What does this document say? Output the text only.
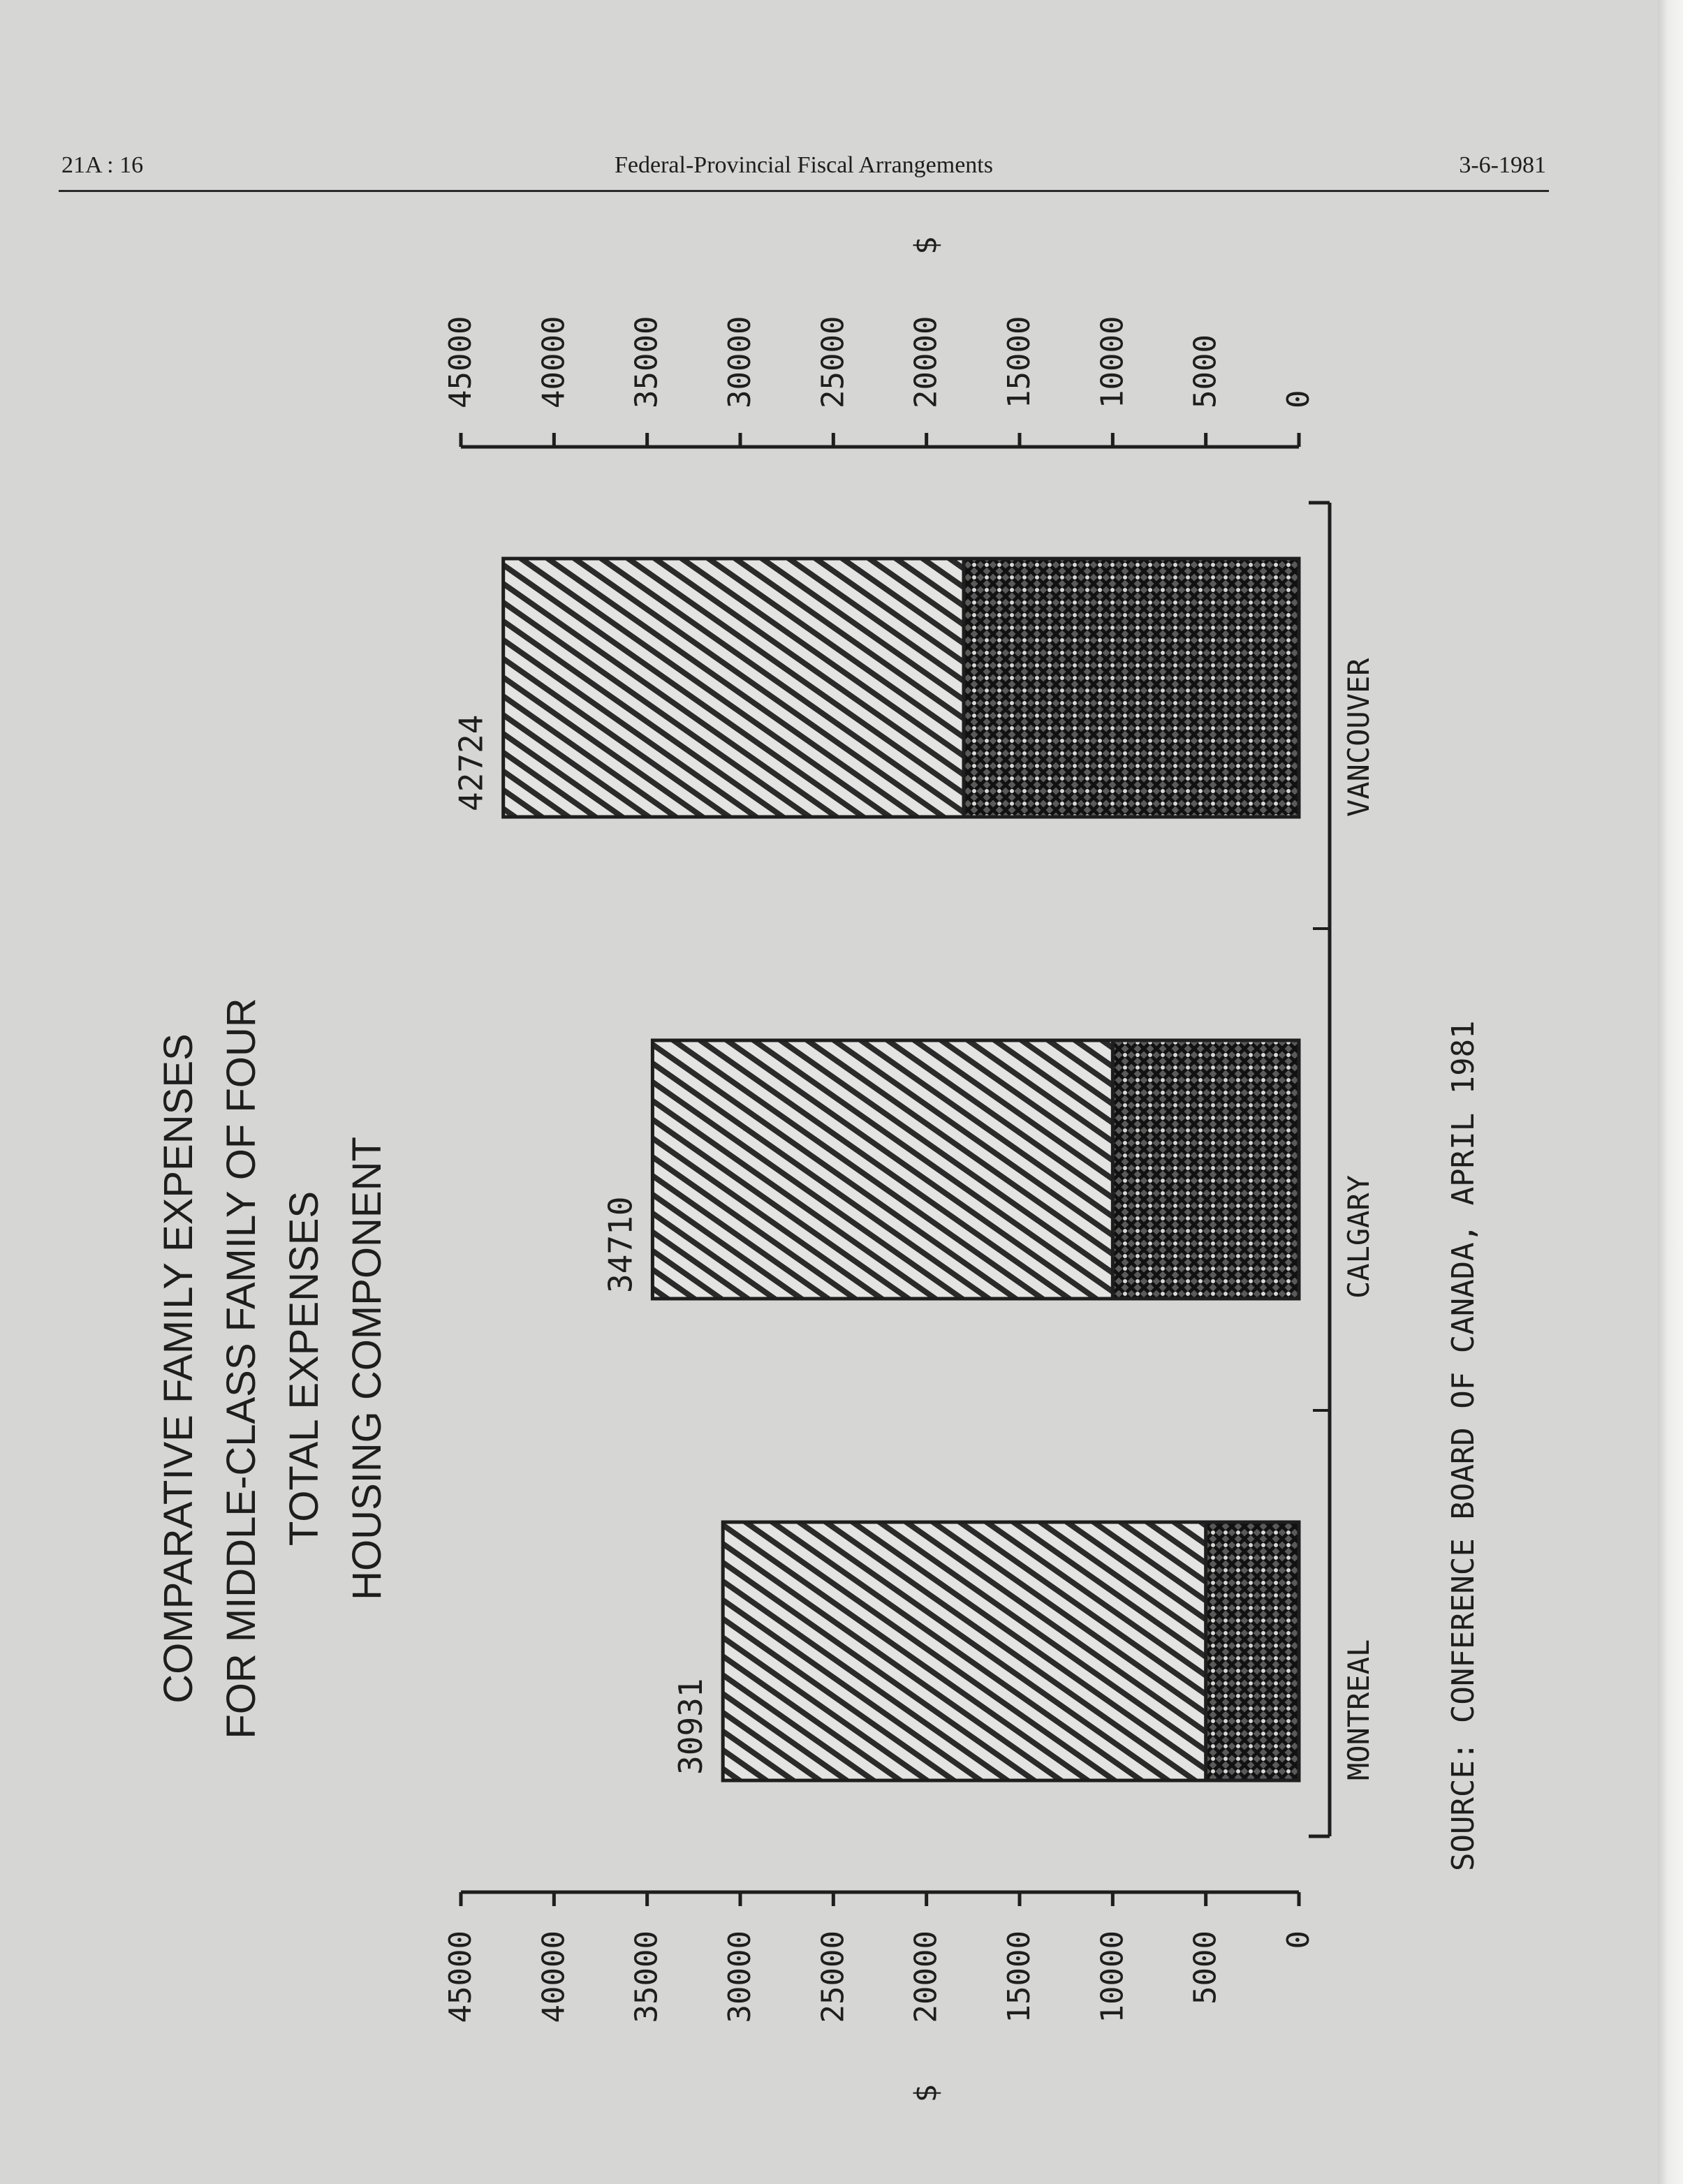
21A : 16	Federal-Provincial Fiscal Arrangements	3-6-1981
COMPARATIVE FAMILY EXPENSES FOR MIDDLE-CLASS FAMILY OF FOUR TOTAL EXPENSES HOUSING COMPONENT
0
5000
10000
15000
20000
25000
30000
35000
40000
45000
$
0
5000
10000
15000
20000
25000
30000
35000
40000
45000
$
30931	MONTREAL
34710	CALGARY
42724	VANCOUVER
SOURCE: CONFERENCE BOARD OF CANADA, APRIL 1981
